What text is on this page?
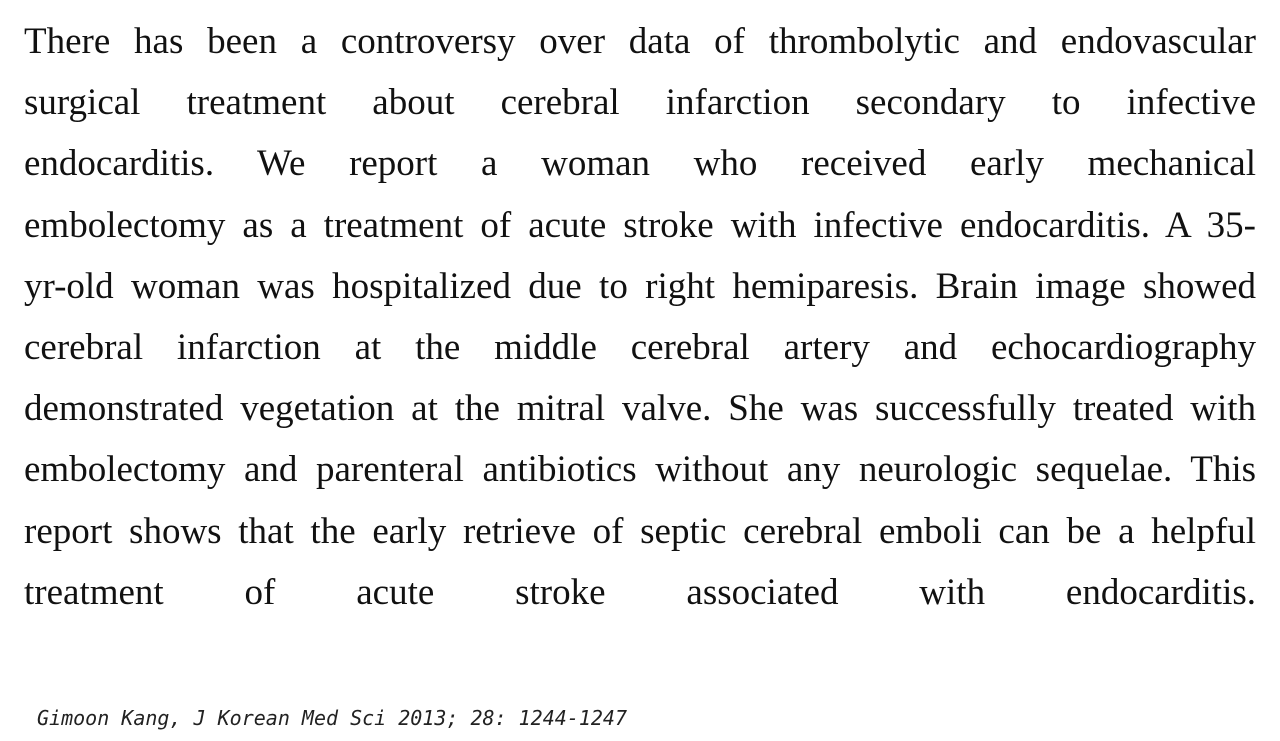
There has been a controversy over data of thrombolytic and endovascular
surgical treatment about cerebral infarction secondary to infective
endocarditis. We report a woman who received early mechanical
embolectomy as a treatment of acute stroke with infective endocarditis. A 35-
yr-old woman was hospitalized due to right hemiparesis. Brain image showed
cerebral infarction at the middle cerebral artery and echocardiography
demonstrated vegetation at the mitral valve. She was successfully treated with
embolectomy and parenteral antibiotics without any neurologic sequelae. This
report shows that the early retrieve of septic cerebral emboli can be a helpful
treatment of acute stroke associated with endocarditis.
Gimoon Kang, J Korean Med Sci 2013; 28: 1244-1247
